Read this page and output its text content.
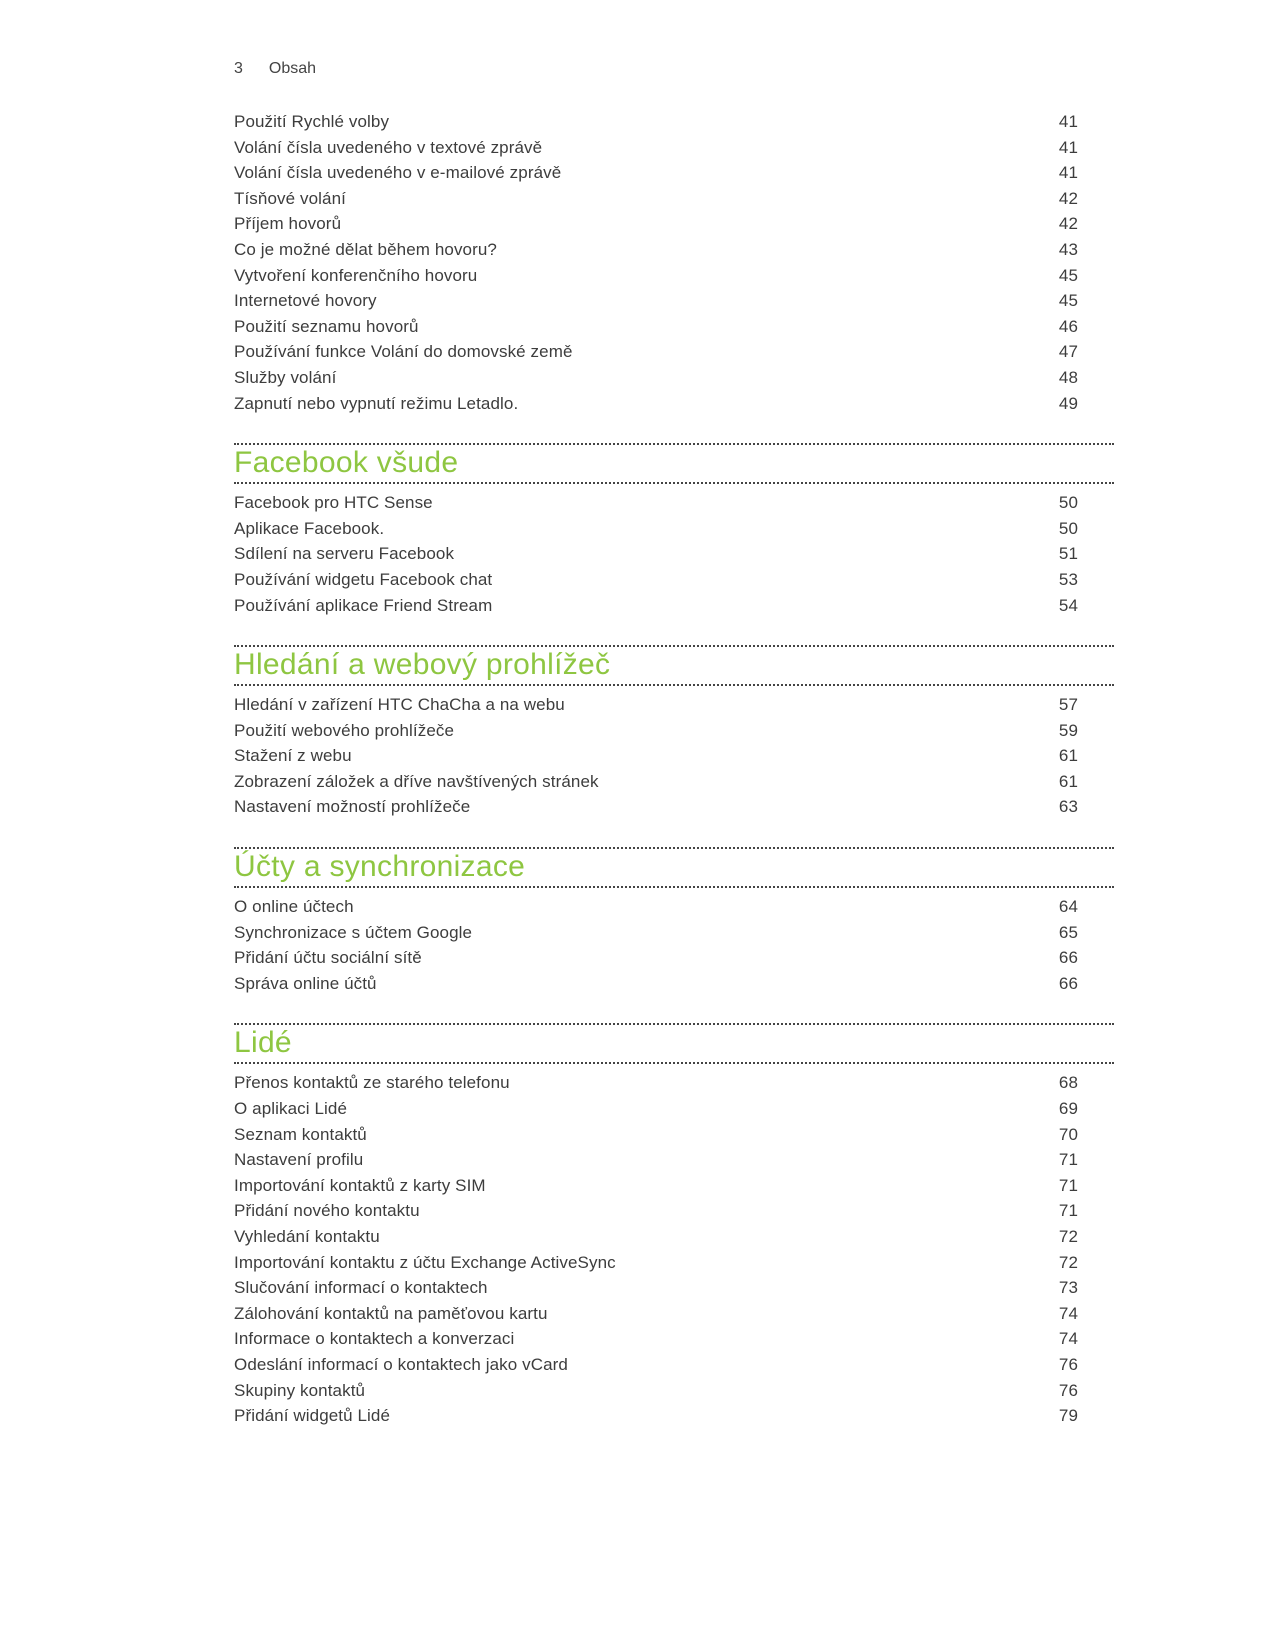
3 Obsah
Použití Rychlé volby	41
Volání čísla uvedeného v textové zprávě	41
Volání čísla uvedeného v e-mailové zprávě	41
Tísňové volání	42
Příjem hovorů	42
Co je možné dělat během hovoru?	43
Vytvoření konferenčního hovoru	45
Internetové hovory	45
Použití seznamu hovorů	46
Používání funkce Volání do domovské země	47
Služby volání	48
Zapnutí nebo vypnutí režimu Letadlo.	49
Facebook všude
Facebook pro HTC Sense	50
Aplikace Facebook.	50
Sdílení na serveru Facebook	51
Používání widgetu Facebook chat	53
Používání aplikace Friend Stream	54
Hledání a webový prohlížeč
Hledání v zařízení HTC ChaCha a na webu	57
Použití webového prohlížeče	59
Stažení z webu	61
Zobrazení záložek a dříve navštívených stránek	61
Nastavení možností prohlížeče	63
Účty a synchronizace
O online účtech	64
Synchronizace s účtem Google	65
Přidání účtu sociální sítě	66
Správa online účtů	66
Lidé
Přenos kontaktů ze starého telefonu	68
O aplikaci Lidé	69
Seznam kontaktů	70
Nastavení profilu	71
Importování kontaktů z karty SIM	71
Přidání nového kontaktu	71
Vyhledání kontaktu	72
Importování kontaktu z účtu Exchange ActiveSync	72
Slučování informací o kontaktech	73
Zálohování kontaktů na paměťovou kartu	74
Informace o kontaktech a konverzaci	74
Odeslání informací o kontaktech jako vCard	76
Skupiny kontaktů	76
Přidání widgetů Lidé	79
